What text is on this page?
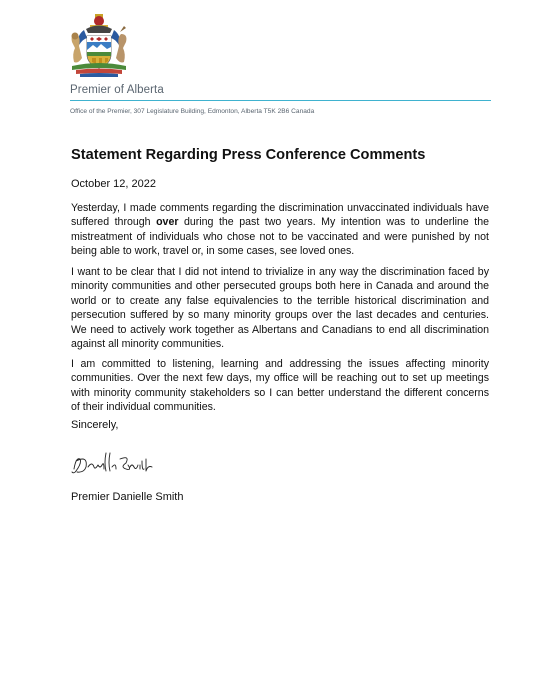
Premier of Alberta
Office of the Premier, 307 Legislature Building, Edmonton, Alberta T5K 2B6 Canada
Statement Regarding Press Conference Comments
October 12, 2022

Yesterday, I made comments regarding the discrimination unvaccinated individuals have suffered through over during the past two years. My intention was to underline the mistreatment of individuals who chose not to be vaccinated and were punished by not being able to work, travel or, in some cases, see loved ones.

I want to be clear that I did not intend to trivialize in any way the discrimination faced by minority communities and other persecuted groups both here in Canada and around the world or to create any false equivalencies to the terrible historical discrimination and persecution suffered by so many minority groups over the last decades and centuries. We need to actively work together as Albertans and Canadians to end all discrimination against all minority communities.

I am committed to listening, learning and addressing the issues affecting minority communities. Over the next few days, my office will be reaching out to set up meetings with minority community stakeholders so I can better understand the different concerns of their individual communities.

Sincerely,
Premier Danielle Smith
